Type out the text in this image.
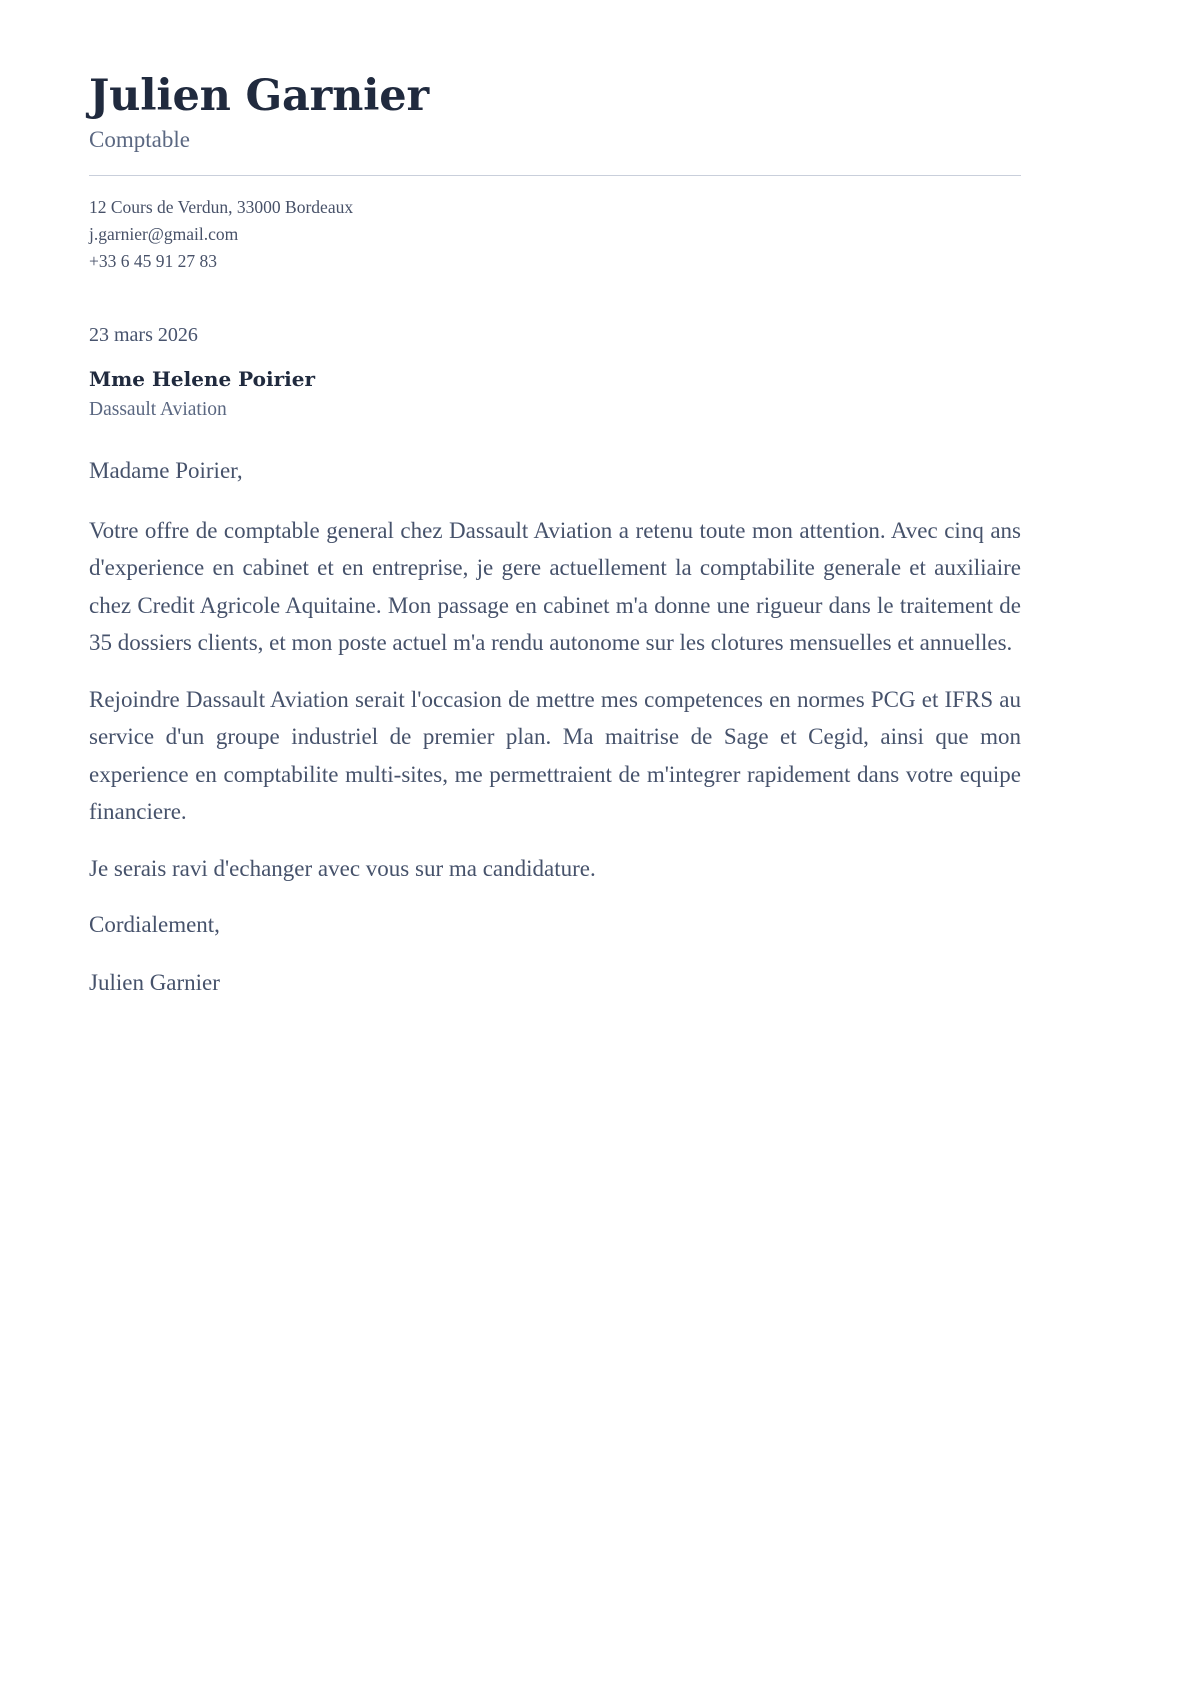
Julien Garnier
Comptable
12 Cours de Verdun, 33000 Bordeaux
j.garnier@gmail.com
+33 6 45 91 27 83
23 mars 2026
Mme Helene Poirier
Dassault Aviation

Madame Poirier,

Votre offre de comptable general chez Dassault Aviation a retenu toute mon attention. Avec cinq ans d'experience en cabinet et en entreprise, je gere actuellement la comptabilite generale et auxiliaire chez Credit Agricole Aquitaine. Mon passage en cabinet m'a donne une rigueur dans le traitement de 35 dossiers clients, et mon poste actuel m'a rendu autonome sur les clotures mensuelles et annuelles.

Rejoindre Dassault Aviation serait l'occasion de mettre mes competences en normes PCG et IFRS au service d'un groupe industriel de premier plan. Ma maitrise de Sage et Cegid, ainsi que mon experience en comptabilite multi-sites, me permettraient de m'integrer rapidement dans votre equipe financiere.

Je serais ravi d'echanger avec vous sur ma candidature.

Cordialement,

Julien Garnier
